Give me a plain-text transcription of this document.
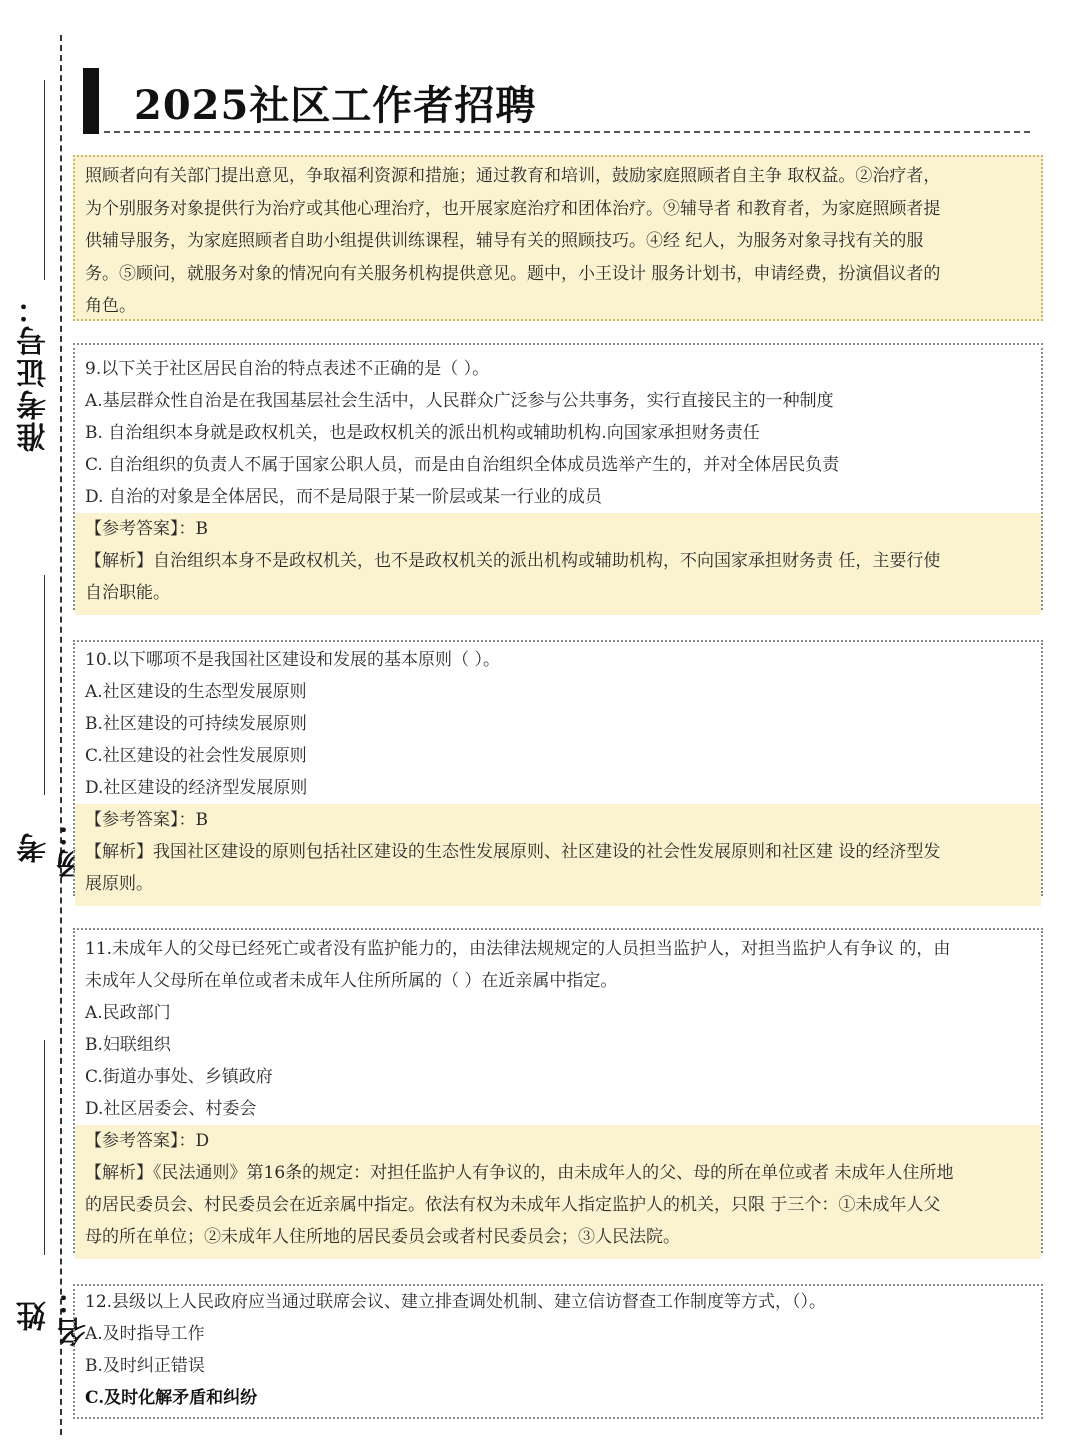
准考证号：
考
姓名：
2025社区工作者招聘
照顾者向有关部门提出意见，争取福利资源和措施；通过教育和培训，鼓励家庭照顾者自主争 取权益。②治疗者，
为个别服务对象提供行为治疗或其他心理治疗，也开展家庭治疗和团体治疗。⑨辅导者 和教育者，为家庭照顾者提
供辅导服务，为家庭照顾者自助小组提供训练课程，辅导有关的照顾技巧。④经 纪人，为服务对象寻找有关的服
务。⑤顾问，就服务对象的情况向有关服务机构提供意见。题中，小王设计 服务计划书，申请经费，扮演倡议者的
角色。
9.以下关于社区居民自治的特点表述不正确的是（ ）。
A.基层群众性自治是在我国基层社会生活中，人民群众广泛参与公共事务，实行直接民主的一种制度
B. 自治组织本身就是政权机关，也是政权机关的派出机构或辅助机构.向国家承担财务责任
C. 自治组织的负责人不属于国家公职人员，而是由自治组织全体成员选举产生的，并对全体居民负责
D. 自治的对象是全体居民，而不是局限于某一阶层或某一行业的成员
【参考答案】：B
【解析】自治组织本身不是政权机关，也不是政权机关的派出机构或辅助机构，不向国家承担财务责 任，主要行使
自治职能。
10.以下哪项不是我国社区建设和发展的基本原则（ ）。
A.社区建设的生态型发展原则
B.社区建设的可持续发展原则
C.社区建设的社会性发展原则
D.社区建设的经济型发展原则
【参考答案】：B
【解析】我国社区建设的原则包括社区建设的生态性发展原则、社区建设的社会性发展原则和社区建 设的经济型发
展原则。
11.未成年人的父母已经死亡或者没有监护能力的，由法律法规规定的人员担当监护人，对担当监护人有争议 的，由
未成年人父母所在单位或者未成年人住所所属的（ ）在近亲属中指定。
A.民政部门
B.妇联组织
C.街道办事处、乡镇政府
D.社区居委会、村委会
【参考答案】：D
【解析】《民法通则》第16条的规定：对担任监护人有争议的，由未成年人的父、母的所在单位或者 未成年人住所地
的居民委员会、村民委员会在近亲属中指定。依法有权为未成年人指定监护人的机关，只限 于三个：①未成年人父
母的所在单位；②未成年人住所地的居民委员会或者村民委员会；③人民法院。
12.县级以上人民政府应当通过联席会议、建立排查调处机制、建立信访督查工作制度等方式，（）。
A.及时指导工作
B.及时纠正错误
C.及时化解矛盾和纠纷
